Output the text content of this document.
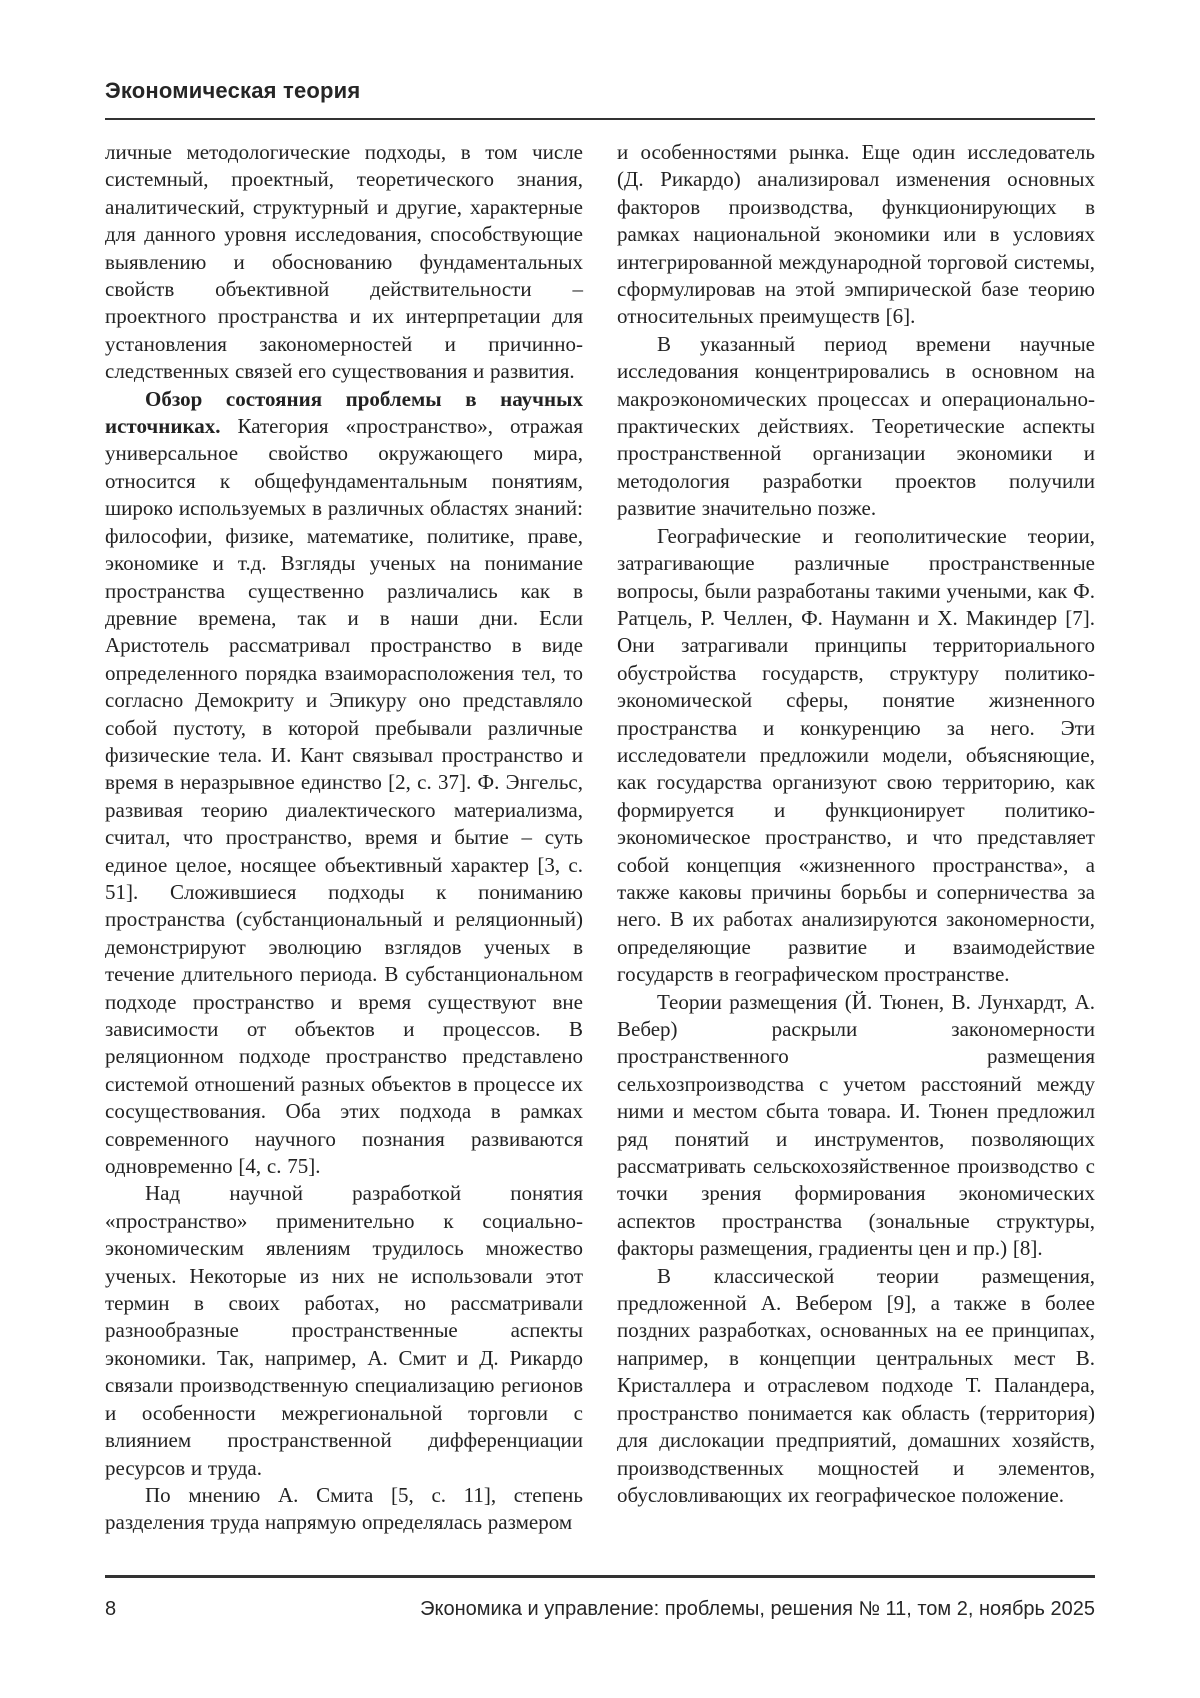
Экономическая теория

личные методологические подходы, в том числе системный, проектный, теоретического знания, аналитический, структурный и другие, характерные для данного уровня исследования, способствующие выявлению и обоснованию фундаментальных свойств объективной действительности – проектного пространства и их интерпретации для установления закономерностей и причинно-следственных связей его существования и развития.

Обзор состояния проблемы в научных источниках. Категория «пространство», отражая универсальное свойство окружающего мира, относится к общефундаментальным понятиям, широко используемых в различных областях знаний: философии, физике, математике, политике, праве, экономике и т.д. Взгляды ученых на понимание пространства существенно различались как в древние времена, так и в наши дни. Если Аристотель рассматривал пространство в виде определенного порядка взаиморасположения тел, то согласно Демокриту и Эпикуру оно представляло собой пустоту, в которой пребывали различные физические тела. И. Кант связывал пространство и время в неразрывное единство [2, с. 37]. Ф. Энгельс, развивая теорию диалектического материализма, считал, что пространство, время и бытие – суть единое целое, носящее объективный характер [3, с. 51]. Сложившиеся подходы к пониманию пространства (субстанциональный и реляционный) демонстрируют эволюцию взглядов ученых в течение длительного периода. В субстанциональном подходе пространство и время существуют вне зависимости от объектов и процессов. В реляционном подходе пространство представлено системой отношений разных объектов в процессе их сосуществования. Оба этих подхода в рамках современного научного познания развиваются одновременно [4, с. 75].

Над научной разработкой понятия «пространство» применительно к социально-экономическим явлениям трудилось множество ученых. Некоторые из них не использовали этот термин в своих работах, но рассматривали разнообразные пространственные аспекты экономики. Так, например, А. Смит и Д. Рикардо связали производственную специализацию регионов и особенности межрегиональной торговли с влиянием пространственной дифференциации ресурсов и труда.

По мнению А. Смита [5, с. 11], степень разделения труда напрямую определялась размером

и особенностями рынка. Еще один исследователь (Д. Рикардо) анализировал изменения основных факторов производства, функционирующих в рамках национальной экономики или в условиях интегрированной международной торговой системы, сформулировав на этой эмпирической базе теорию относительных преимуществ [6].

В указанный период времени научные исследования концентрировались в основном на макроэкономических процессах и операционально-практических действиях. Теоретические аспекты пространственной организации экономики и методология разработки проектов получили развитие значительно позже.

Географические и геополитические теории, затрагивающие различные пространственные вопросы, были разработаны такими учеными, как Ф. Ратцель, Р. Челлен, Ф. Науманн и Х. Макиндер [7]. Они затрагивали принципы территориального обустройства государств, структуру политико-экономической сферы, понятие жизненного пространства и конкуренцию за него. Эти исследователи предложили модели, объясняющие, как государства организуют свою территорию, как формируется и функционирует политико-экономическое пространство, и что представляет собой концепция «жизненного пространства», а также каковы причины борьбы и соперничества за него. В их работах анализируются закономерности, определяющие развитие и взаимодействие государств в географическом пространстве.

Теории размещения (Й. Тюнен, В. Лунхардт, А. Вебер) раскрыли закономерности пространственного размещения сельхозпроизводства с учетом расстояний между ними и местом сбыта товара. И. Тюнен предложил ряд понятий и инструментов, позволяющих рассматривать сельскохозяйственное производство с точки зрения формирования экономических аспектов пространства (зональные структуры, факторы размещения, градиенты цен и пр.) [8].

В классической теории размещения, предложенной А. Вебером [9], а также в более поздних разработках, основанных на ее принципах, например, в концепции центральных мест В. Кристаллера и отраслевом подходе Т. Паландера, пространство понимается как область (территория) для дислокации предприятий, домашних хозяйств, производственных мощностей и элементов, обусловливающих их географическое положение.

8	Экономика и управление: проблемы, решения № 11, том 2, ноябрь 2025
